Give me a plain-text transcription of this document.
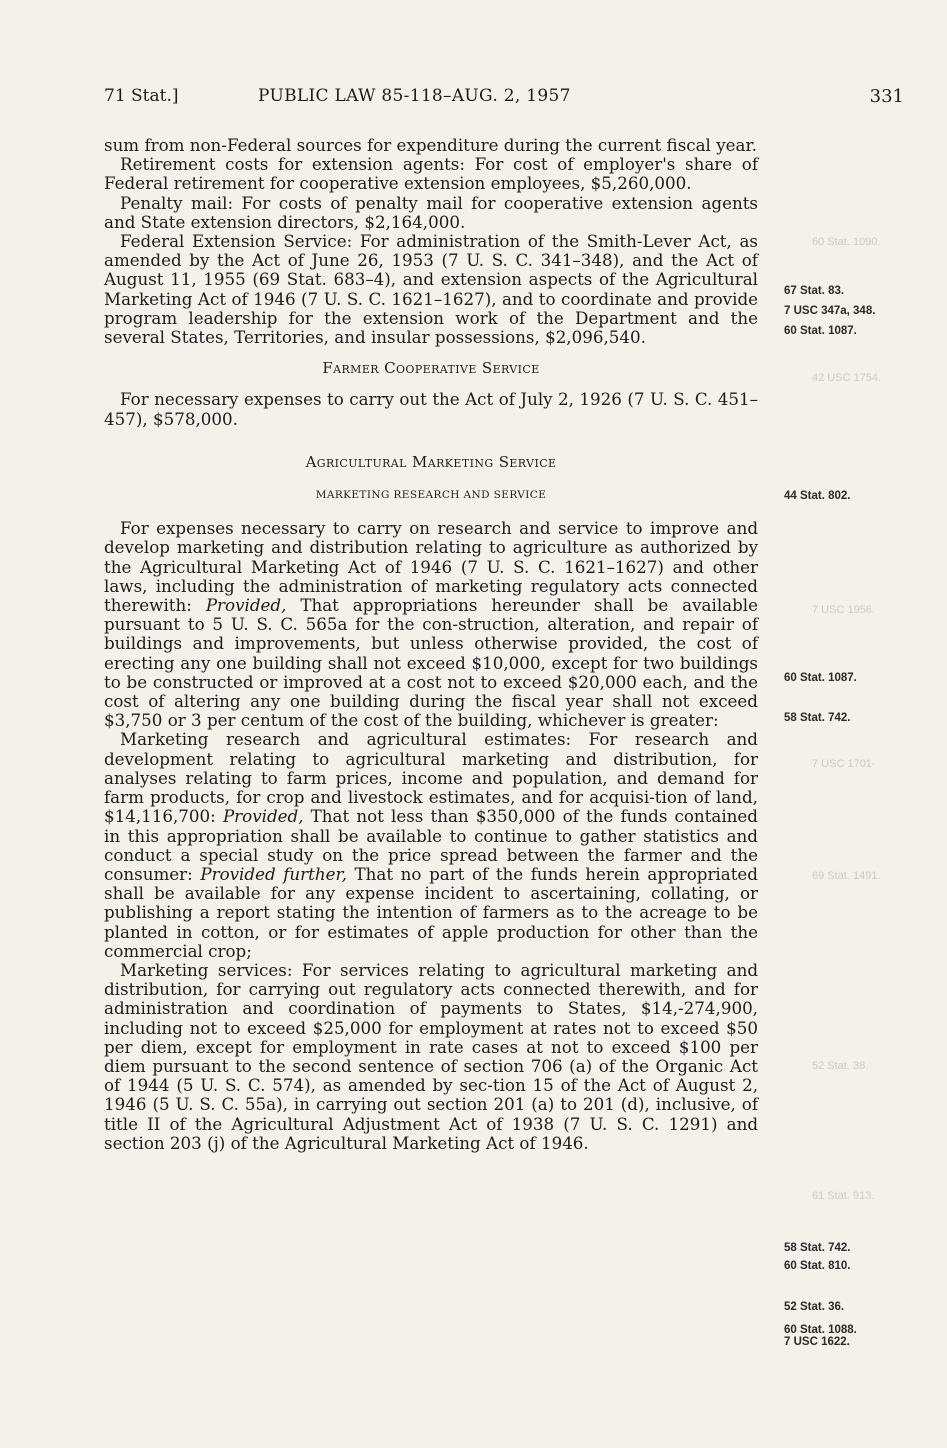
71 Stat.]	PUBLIC LAW 85-118–AUG. 2, 1957	331
60 Stat. 1090.
42 USC 1754.
7 USC 1956.
7 USC 1701-
69 Stat. 1491.
52 Stat. 38.
61 Stat. 913.

sum from non-Federal sources for expenditure during the current fiscal year.

Retirement costs for extension agents: For cost of employer's share of Federal retirement for cooperative extension employees, $5,260,000.

Penalty mail: For costs of penalty mail for cooperative extension agents and State extension directors, $2,164,000.

Federal Extension Service: For administration of the Smith-Lever Act, as amended by the Act of June 26, 1953 (7 U. S. C. 341–348), and the Act of August 11, 1955 (69 Stat. 683–4), and extension aspects of the Agricultural Marketing Act of 1946 (7 U. S. C. 1621–1627), and to coordinate and provide program leadership for the extension work of the Department and the several States, Territories, and insular possessions, $2,096,540.

Farmer Cooperative Service

For necessary expenses to carry out the Act of July 2, 1926 (7 U. S. C. 451–457), $578,000.

Agricultural Marketing Service

MARKETING RESEARCH AND SERVICE

For expenses necessary to carry on research and service to improve and develop marketing and distribution relating to agriculture as authorized by the Agricultural Marketing Act of 1946 (7 U. S. C. 1621–1627) and other laws, including the administration of marketing regulatory acts connected therewith: Provided, That appropriations hereunder shall be available pursuant to 5 U. S. C. 565a for the con-struction, alteration, and repair of buildings and improvements, but unless otherwise provided, the cost of erecting any one building shall not exceed $10,000, except for two buildings to be constructed or improved at a cost not to exceed $20,000 each, and the cost of altering any one building during the fiscal year shall not exceed $3,750 or 3 per centum of the cost of the building, whichever is greater:

Marketing research and agricultural estimates: For research and development relating to agricultural marketing and distribution, for analyses relating to farm prices, income and population, and demand for farm products, for crop and livestock estimates, and for acquisi-tion of land, $14,116,700: Provided, That not less than $350,000 of the funds contained in this appropriation shall be available to continue to gather statistics and conduct a special study on the price spread between the farmer and the consumer: Provided further, That no part of the funds herein appropriated shall be available for any expense incident to ascertaining, collating, or publishing a report stating the intention of farmers as to the acreage to be planted in cotton, or for estimates of apple production for other than the commercial crop;

Marketing services: For services relating to agricultural marketing and distribution, for carrying out regulatory acts connected therewith, and for administration and coordination of payments to States, $14,-274,900, including not to exceed $25,000 for employment at rates not to exceed $50 per diem, except for employment in rate cases at not to exceed $100 per diem pursuant to the second sentence of section 706 (a) of the Organic Act of 1944 (5 U. S. C. 574), as amended by sec-tion 15 of the Act of August 2, 1946 (5 U. S. C. 55a), in carrying out section 201 (a) to 201 (d), inclusive, of title II of the Agricultural Adjustment Act of 1938 (7 U. S. C. 1291) and section 203 (j) of the Agricultural Marketing Act of 1946.

67 Stat. 83.
7 USC 347a, 348.
60 Stat. 1087.
44 Stat. 802.
60 Stat. 1087.
58 Stat. 742.
58 Stat. 742.
60 Stat. 810.
52 Stat. 36.
60 Stat. 1088.
7 USC 1622.
